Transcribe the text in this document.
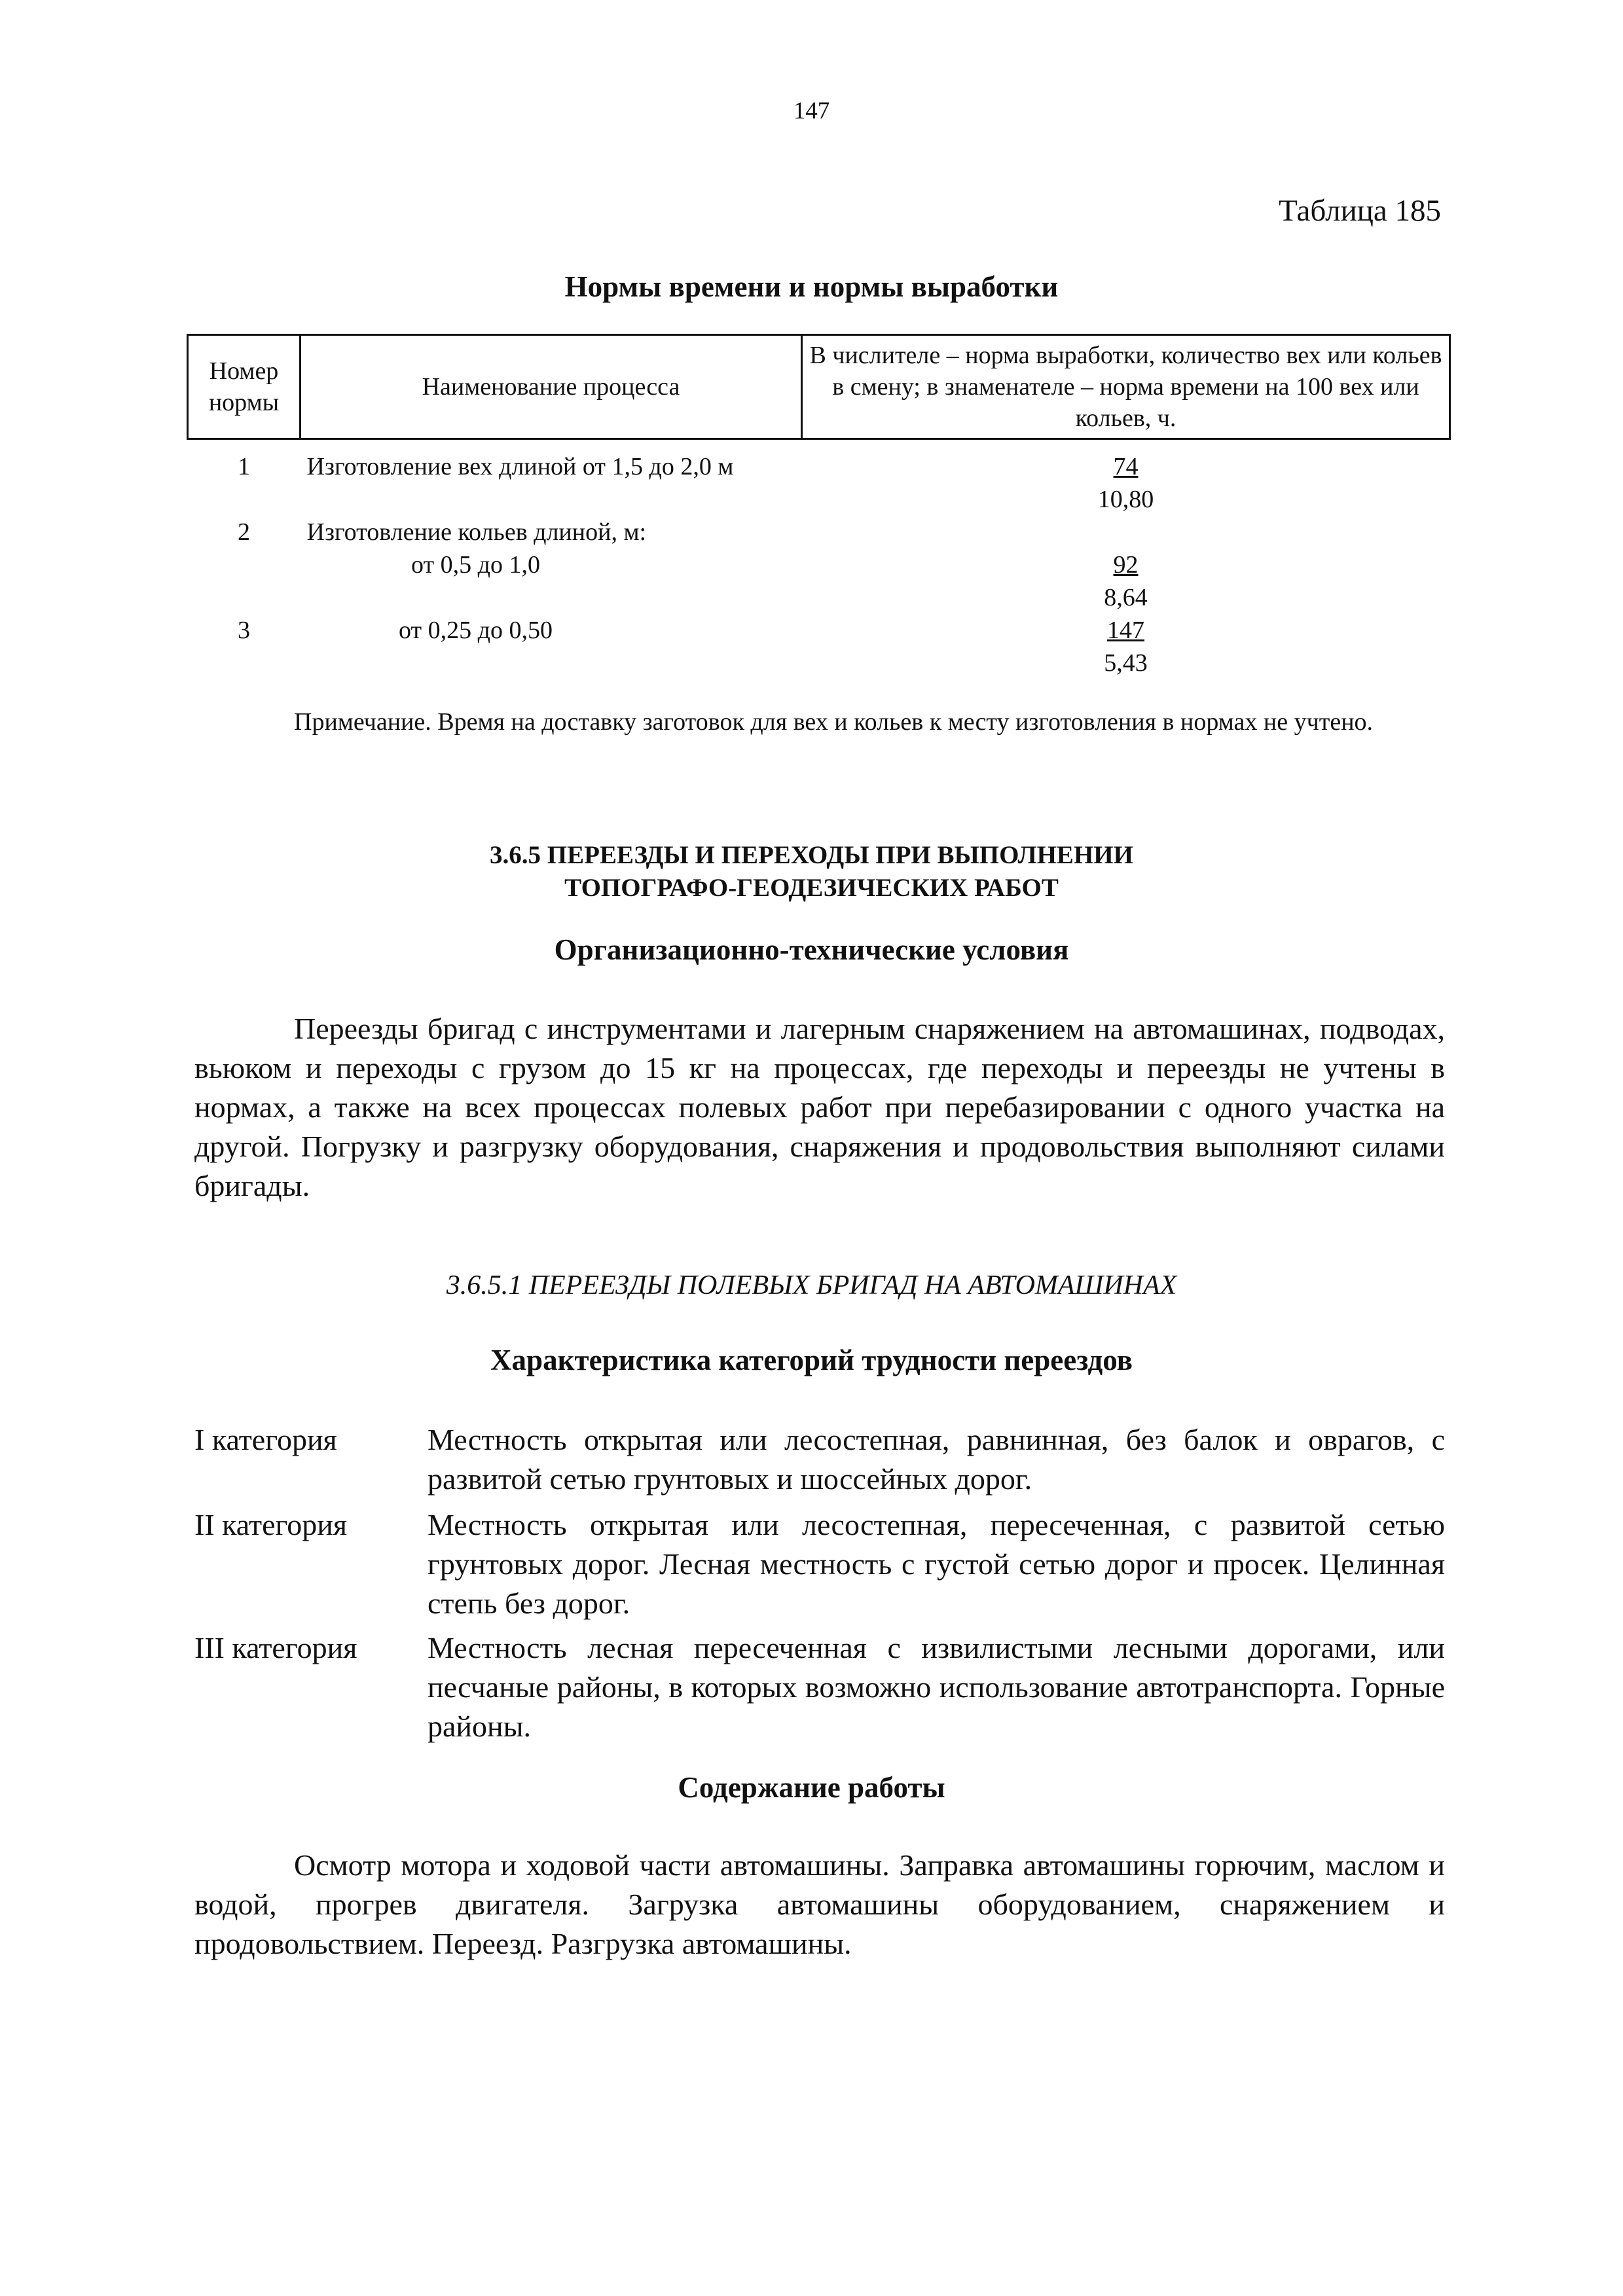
147
Таблица 185
Нормы времени и нормы выработки
Номер нормы	Наименование процесса	В числителе – норма выработки, количество вех или кольев в смену; в знаменателе – норма времени на 100 вех или кольев, ч.
1	Изготовление вех длиной от 1,5 до 2,0 м	74
10,80

2	Изготовление кольев длиной, м:	
	от 0,5 до 1,0	92
8,64

3	от 0,25 до 0,50	147
5,43
Примечание. Время на доставку заготовок для вех и кольев к месту изготовления в нормах не учтено.
3.6.5 ПЕРЕЕЗДЫ И ПЕРЕХОДЫ ПРИ ВЫПОЛНЕНИИ
ТОПОГРАФО-ГЕОДЕЗИЧЕСКИХ РАБОТ
Организационно-технические условия
Переезды бригад с инструментами и лагерным снаряжением на автомашинах, подводах, вьюком и переходы с грузом до 15 кг на процессах, где переходы и переезды не учтены в нормах, а также на всех процессах полевых работ при перебазировании с одного участка на другой. Погрузку и разгрузку оборудования, снаряжения и продовольствия выполняют силами бригады.
3.6.5.1 ПЕРЕЕЗДЫ ПОЛЕВЫХ БРИГАД НА АВТОМАШИНАХ
Характеристика категорий трудности переездов
I категория	Местность открытая или лесостепная, равнинная, без балок и оврагов, с развитой сетью грунтовых и шоссейных дорог.
II категория	Местность открытая или лесостепная, пересеченная, с развитой сетью грунтовых дорог. Лесная местность с густой сетью дорог и просек. Целинная степь без дорог.
III категория	Местность лесная пересеченная с извилистыми лесными дорогами, или песчаные районы, в которых возможно использование автотранспорта. Горные районы.
Содержание работы
Осмотр мотора и ходовой части автомашины. Заправка автомашины горючим, маслом и водой, прогрев двигателя. Загрузка автомашины оборудованием, снаряжением и продовольствием. Переезд. Разгрузка автомашины.
